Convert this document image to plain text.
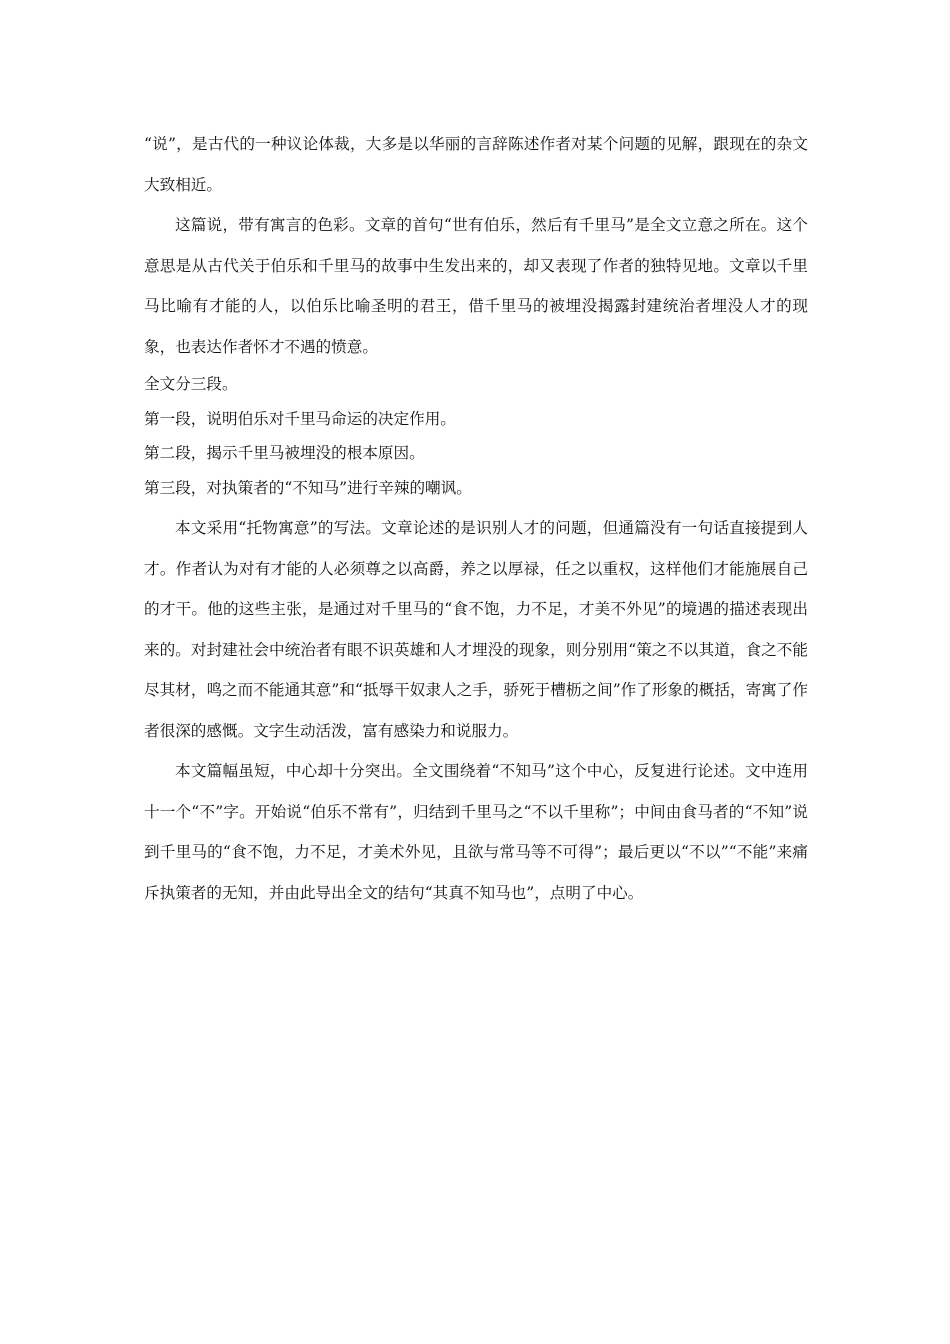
“说”，是古代的一种议论体裁，大多是以华丽的言辞陈述作者对某个问题的见解，跟现在的杂文大致相近。

这篇说，带有寓言的色彩。文章的首句“世有伯乐，然后有千里马”是全文立意之所在。这个意思是从古代关于伯乐和千里马的故事中生发出来的，却又表现了作者的独特见地。文章以千里马比喻有才能的人，以伯乐比喻圣明的君王，借千里马的被埋没揭露封建统治者埋没人才的现象，也表达作者怀才不遇的愤意。

全文分三段。

第一段，说明伯乐对千里马命运的决定作用。

第二段，揭示千里马被埋没的根本原因。

第三段，对执策者的“不知马”进行辛辣的嘲讽。

本文采用“托物寓意”的写法。文章论述的是识别人才的问题，但通篇没有一句话直接提到人才。作者认为对有才能的人必须尊之以高爵，养之以厚禄，任之以重权，这样他们才能施展自己的才干。他的这些主张，是通过对千里马的“食不饱，力不足，才美不外见”的境遇的描述表现出来的。对封建社会中统治者有眼不识英雄和人才埋没的现象，则分别用“策之不以其道，食之不能尽其材，鸣之而不能通其意”和“抵辱干奴隶人之手，骄死于槽枥之间”作了形象的概括，寄寓了作者很深的感慨。文字生动活泼，富有感染力和说服力。

本文篇幅虽短，中心却十分突出。全文围绕着“不知马”这个中心，反复进行论述。文中连用十一个“不”字。开始说“伯乐不常有”，归结到千里马之“不以千里称”；中间由食马者的“不知”说到千里马的“食不饱，力不足，才美术外见，且欲与常马等不可得”；最后更以“不以”“不能”来痛斥执策者的无知，并由此导出全文的结句“其真不知马也”，点明了中心。
